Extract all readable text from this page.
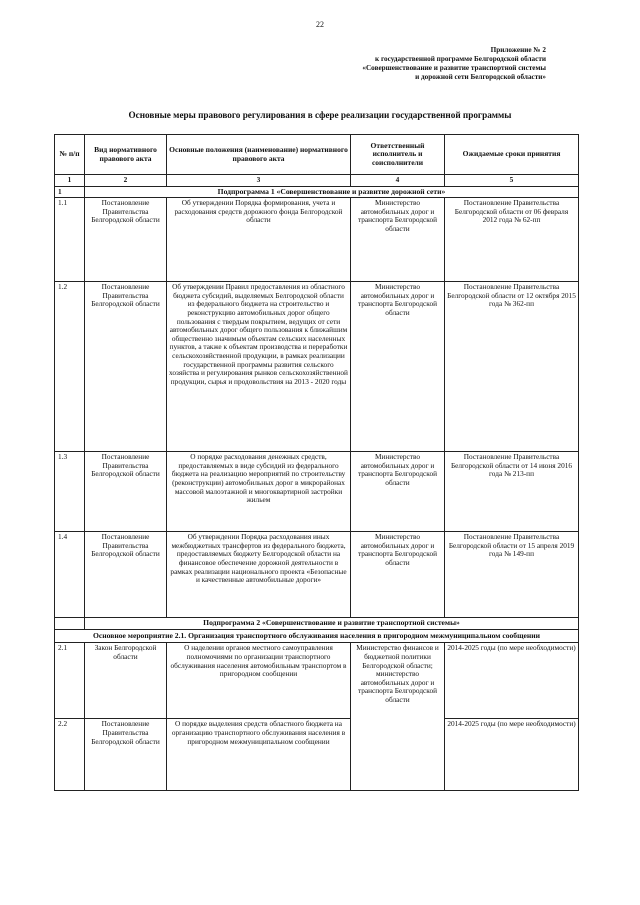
22
Приложение № 2
к государственной программе Белгородской области
«Совершенствование и развитие транспортной системы
и дорожной сети Белгородской области»
Основные меры правового регулирования в сфере реализации государственной программы
№ п/п	Вид нормативного правового акта	Основные положения (наименование) нормативного правового акта	Ответственный исполнитель и соисполнители	Ожидаемые сроки принятия
1	2	3	4	5
1	Подпрограмма 1 «Совершенствование и развитие дорожной сети»			
1.1	Постановление Правительства Белгородской области	Об утверждении Порядка формирования, учета и расходования средств дорожного фонда Белгородской области	Министерство автомобильных дорог и транспорта Белгородской области	Постановление Правительства Белгородской области от 06 февраля 2012 года № 62-пп
1.2	Постановление Правительства Белгородской области	Об утверждении Правил предоставления из областного бюджета субсидий, выделяемых Белгородской области из федерального бюджета на строительство и реконструкцию автомобильных дорог общего пользования с твердым покрытием, ведущих от сети автомобильных дорог общего пользования к ближайшим общественно значимым объектам сельских населенных пунктов, а также к объектам производства и переработки сельскохозяйственной продукции, в рамках реализации государственной программы развития сельского хозяйства и регулирования рынков сельскохозяйственной продукции, сырья и продовольствия на 2013 - 2020 годы	Министерство автомобильных дорог и транспорта Белгородской области	Постановление Правительства Белгородской области от 12 октября 2015 года № 362-пп
1.3	Постановление Правительства Белгородской области	О порядке расходования денежных средств, предоставляемых в виде субсидий из федерального бюджета на реализацию мероприятий по строительству (реконструкции) автомобильных дорог в микрорайонах массовой малоэтажной и многоквартирной застройки жильем	Министерство автомобильных дорог и транспорта Белгородской области	Постановление Правительства Белгородской области от 14 июня 2016 года № 213-пп
1.4	Постановление Правительства Белгородской области	Об утверждении Порядка расходования иных межбюджетных трансфертов из федерального бюджета, предоставляемых бюджету Белгородской области на финансовое обеспечение дорожной деятельности в рамках реализации национального проекта «Безопасные и качественные автомобильные дороги»	Министерство автомобильных дорог и транспорта Белгородской области	Постановление Правительства Белгородской области от 15 апреля 2019 года № 149-пп
	Подпрограмма 2 «Совершенствование и развитие транспортной системы»			
Основное мероприятие 2.1. Организация транспортного обслуживания населения в пригородном межмуниципальном сообщении				
2.1	Закон Белгородской области	О наделении органов местного самоуправления полномочиями по организации транспортного обслуживания населения автомобильным транспортом в пригородном сообщении	Министерство финансов и бюджетной политики Белгородской области; министерство автомобильных дорог и транспорта Белгородской области	2014-2025 годы (по мере необходимости)
2.2	Постановление Правительства Белгородской области	О порядке выделения средств областного бюджета на организацию транспортного обслуживания населения в пригородном межмуниципальном сообщении		2014-2025 годы (по мере необходимости)
